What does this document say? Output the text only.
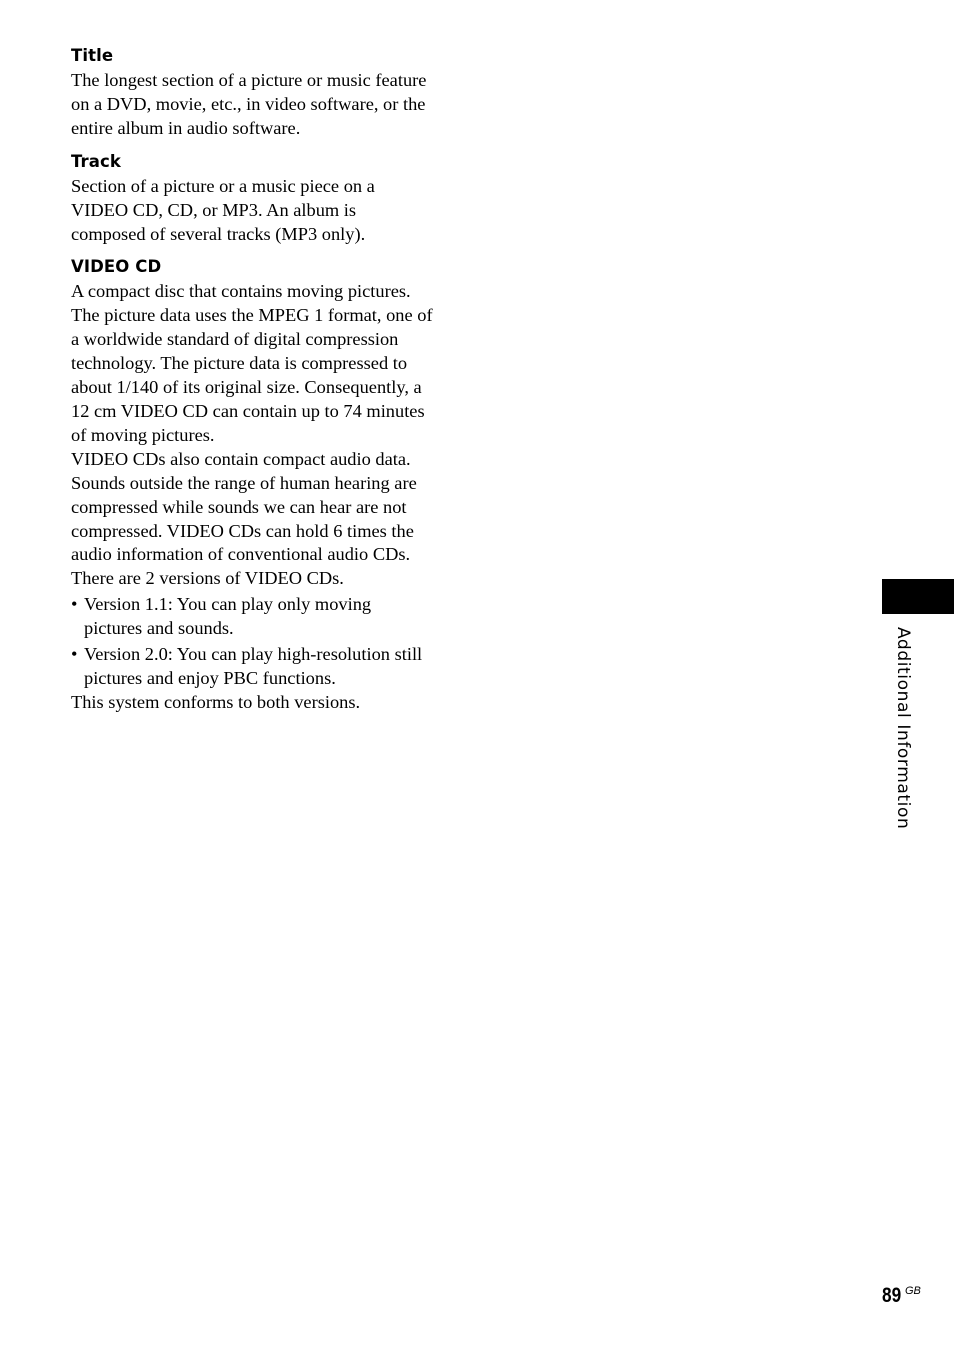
Title

The longest section of a picture or music feature
on a DVD, movie, etc., in video software, or the
entire album in audio software.

Track

Section of a picture or a music piece on a
VIDEO CD, CD, or MP3. An album is
composed of several tracks (MP3 only).

VIDEO CD

A compact disc that contains moving pictures.
The picture data uses the MPEG 1 format, one of
a worldwide standard of digital compression
technology. The picture data is compressed to
about 1/140 of its original size. Consequently, a
12 cm VIDEO CD can contain up to 74 minutes
of moving pictures.
VIDEO CDs also contain compact audio data.
Sounds outside the range of human hearing are
compressed while sounds we can hear are not
compressed. VIDEO CDs can hold 6 times the
audio information of conventional audio CDs.
There are 2 versions of VIDEO CDs.

• Version 1.1: You can play only moving
pictures and sounds.
• Version 2.0: You can play high-resolution still
pictures and enjoy PBC functions.

This system conforms to both versions.	Additional Information
89 $^{GB}$
